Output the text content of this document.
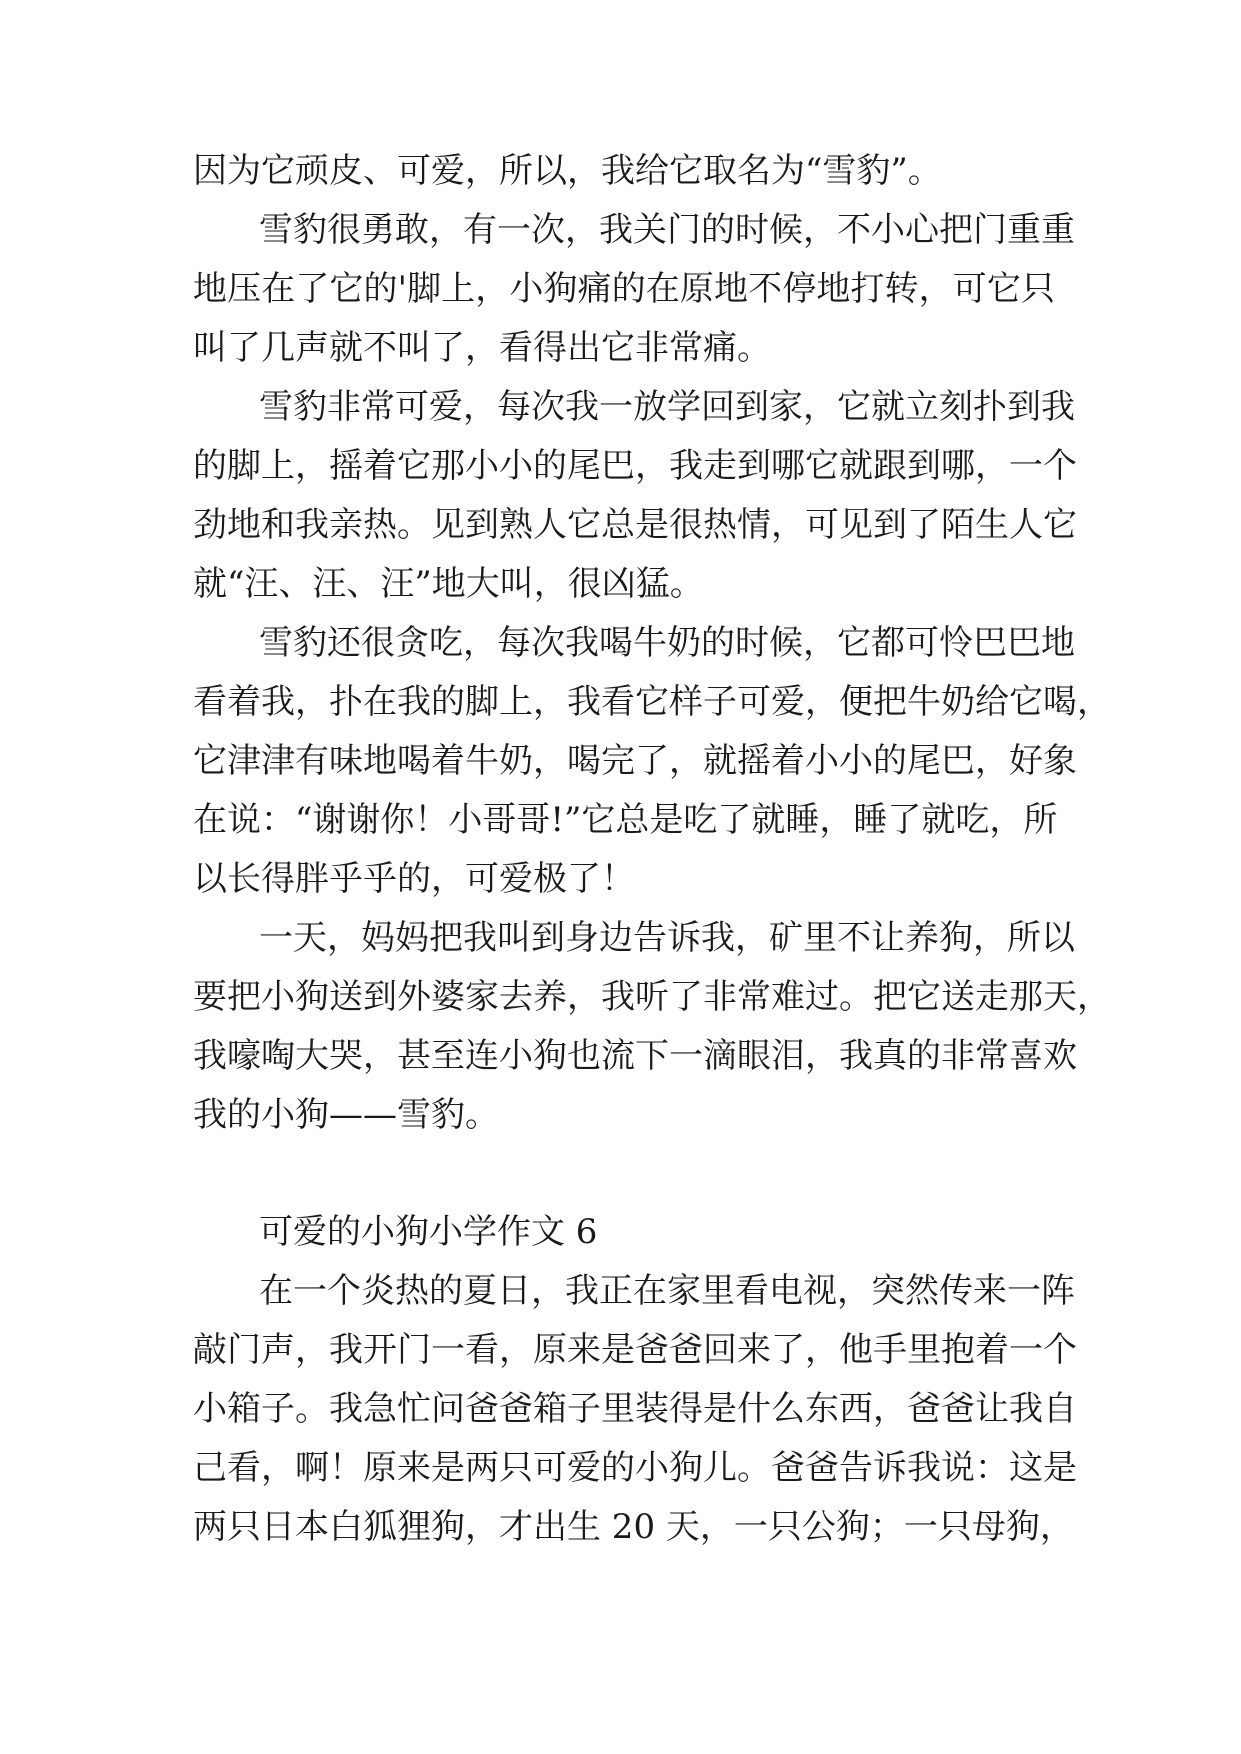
因为它顽皮、可爱，所以，我给它取名为“雪豹”。
雪豹很勇敢，有一次，我关门的时候，不小心把门重重
地压在了它的'脚上，小狗痛的在原地不停地打转，可它只
叫了几声就不叫了，看得出它非常痛。
雪豹非常可爱，每次我一放学回到家，它就立刻扑到我
的脚上，摇着它那小小的尾巴，我走到哪它就跟到哪，一个
劲地和我亲热。见到熟人它总是很热情，可见到了陌生人它
就“汪、汪、汪”地大叫，很凶猛。
雪豹还很贪吃，每次我喝牛奶的时候，它都可怜巴巴地
看着我，扑在我的脚上，我看它样子可爱，便把牛奶给它喝，
它津津有味地喝着牛奶，喝完了，就摇着小小的尾巴，好象
在说：“谢谢你！小哥哥!”它总是吃了就睡，睡了就吃，所
以长得胖乎乎的，可爱极了！
一天，妈妈把我叫到身边告诉我，矿里不让养狗，所以
要把小狗送到外婆家去养，我听了非常难过。把它送走那天，
我嚎啕大哭，甚至连小狗也流下一滴眼泪，我真的非常喜欢
我的小狗——雪豹。
可爱的小狗小学作文 6
在一个炎热的夏日，我正在家里看电视，突然传来一阵
敲门声，我开门一看，原来是爸爸回来了，他手里抱着一个
小箱子。我急忙问爸爸箱子里装得是什么东西，爸爸让我自
己看，啊！原来是两只可爱的小狗儿。爸爸告诉我说：这是
两只日本白狐狸狗，才出生 20 天，一只公狗；一只母狗，
